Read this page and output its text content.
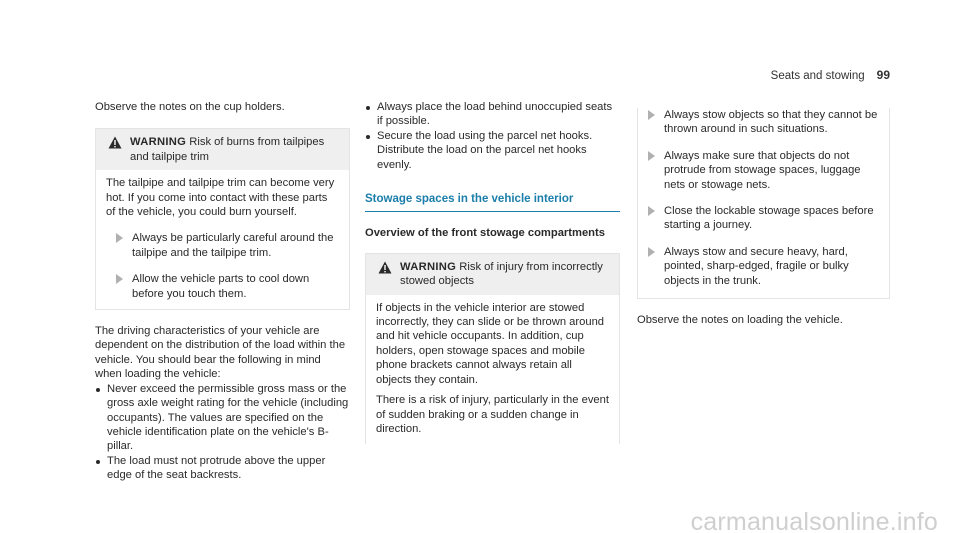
Seats and stowing 99

Observe the notes on the cup holders.

WARNING Risk of burns from tailpipes
and tailpipe trim

The tailpipe and tailpipe trim can become very hot. If you come into contact with these parts of the vehicle, you could burn yourself.

Always be particularly careful around the tailpipe and the tailpipe trim.
Allow the vehicle parts to cool down before you touch them.

The driving characteristics of your vehicle are dependent on the distribution of the load within the vehicle. You should bear the following in mind when loading the vehicle:

Never exceed the permissible gross mass or the gross axle weight rating for the vehicle (including occupants). The values are specified on the vehicle identification plate on the vehicle's B-pillar.
The load must not protrude above the upper edge of the seat backrests.
Always place the load behind unoccupied seats if possible.
Secure the load using the parcel net hooks. Distribute the load on the parcel net hooks evenly.
Stowage spaces in the vehicle interior
Overview of the front stowage compartments
WARNING Risk of injury from incorrectly
stowed objects

If objects in the vehicle interior are stowed incorrectly, they can slide or be thrown around and hit vehicle occupants. In addition, cup holders, open stowage spaces and mobile phone brackets cannot always retain all objects they contain.

There is a risk of injury, particularly in the event of sudden braking or a sudden change in direction.

Always stow objects so that they cannot be thrown around in such situations.
Always make sure that objects do not protrude from stowage spaces, luggage nets or stowage nets.
Close the lockable stowage spaces before starting a journey.
Always stow and secure heavy, hard, pointed, sharp-edged, fragile or bulky objects in the trunk.

Observe the notes on loading the vehicle.

carmanualsonline.info
